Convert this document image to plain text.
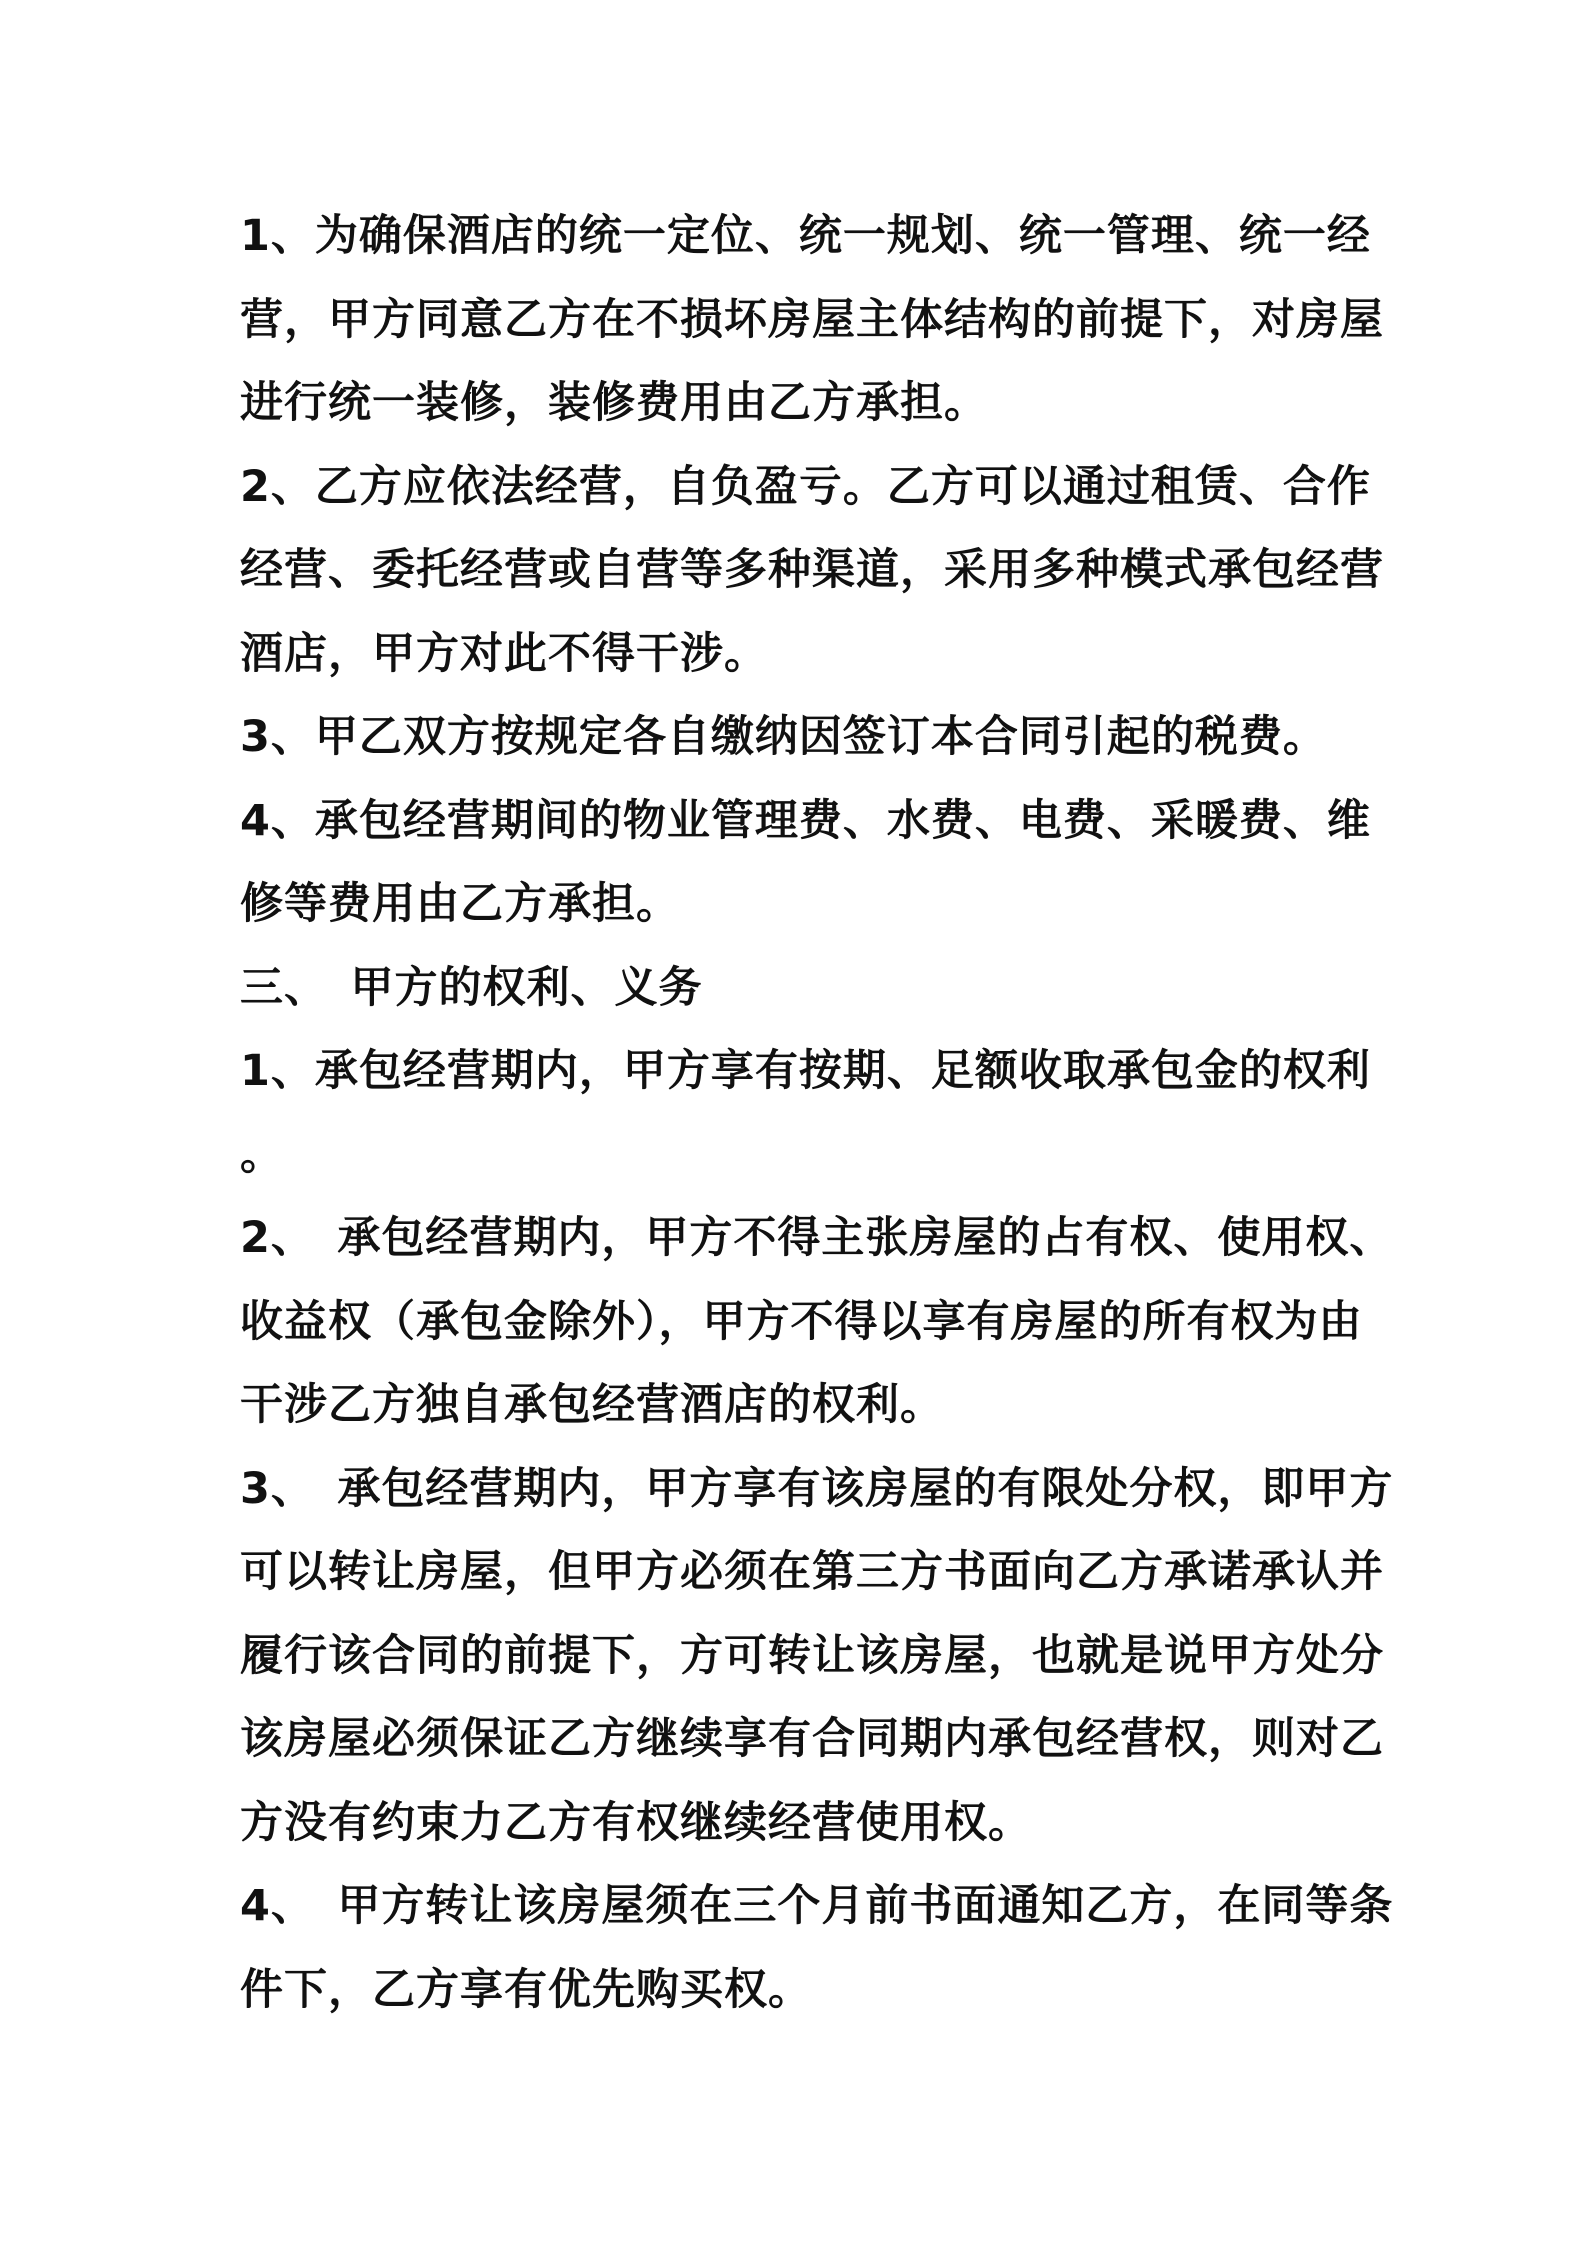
1、为确保酒店的统一定位、统一规划、统一管理、统一经
营，甲方同意乙方在不损坏房屋主体结构的前提下，对房屋
进行统一装修，装修费用由乙方承担。

2、乙方应依法经营，自负盈亏。乙方可以通过租赁、合作
经营、委托经营或自营等多种渠道，采用多种模式承包经营
酒店，甲方对此不得干涉。

3、甲乙双方按规定各自缴纳因签订本合同引起的税费。

4、承包经营期间的物业管理费、水费、电费、采暖费、维
修等费用由乙方承担。

三、　甲方的权利、义务

1、承包经营期内，甲方享有按期、足额收取承包金的权利
。

2、　承包经营期内，甲方不得主张房屋的占有权、使用权、
收益权（承包金除外），甲方不得以享有房屋的所有权为由
干涉乙方独自承包经营酒店的权利。

3、　承包经营期内，甲方享有该房屋的有限处分权，即甲方
可以转让房屋，但甲方必须在第三方书面向乙方承诺承认并
履行该合同的前提下，方可转让该房屋，也就是说甲方处分
该房屋必须保证乙方继续享有合同期内承包经营权，则对乙
方没有约束力乙方有权继续经营使用权。

4、　甲方转让该房屋须在三个月前书面通知乙方，在同等条
件下，乙方享有优先购买权。
